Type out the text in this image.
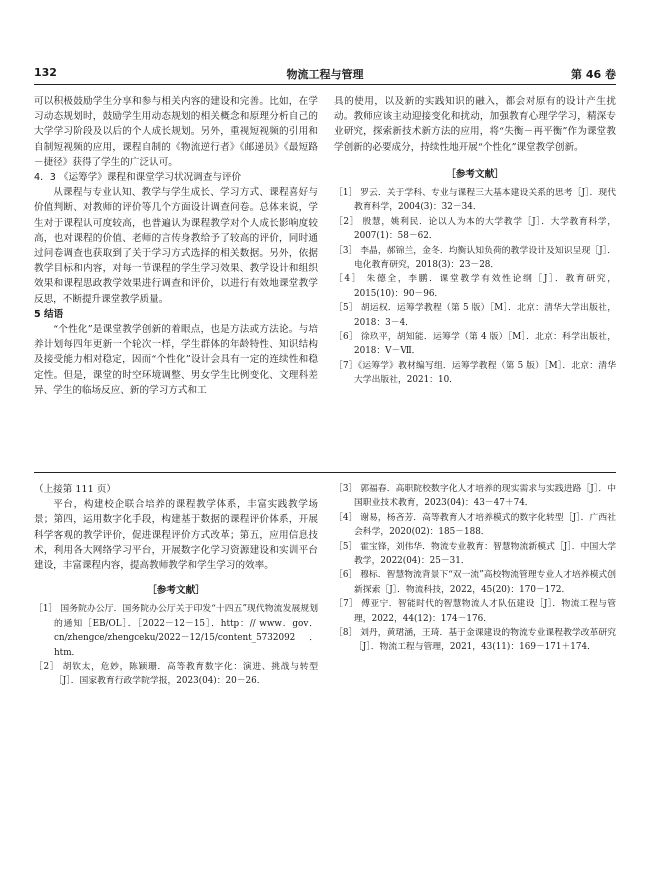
132	物流工程与管理	第 46 卷

可以积极鼓励学生分享和参与相关内容的建设和完善。比如，在学习动态规划时，鼓励学生用动态规划的相关概念和原理分析自己的大学学习阶段及以后的个人成长规划。另外，重视短视频的引用和自制短视频的应用，课程自制的《物流逆行者》《邮递员》《最短路－捷径》获得了学生的广泛认可。

4．3 《运筹学》课程和课堂学习状况调查与评价

从课程与专业认知、教学与学生成长、学习方式、课程喜好与价值判断、对教师的评价等几个方面设计调查问卷。总体来说，学生对于课程认可度较高，也普遍认为课程教学对个人成长影响度较高，也对课程的价值、老师的言传身教给予了较高的评价，同时通过问卷调查也获取到了关于学习方式选择的相关数据。另外，依据教学目标和内容，对每一节课程的学生学习效果、教学设计和组织效果和课程思政教学效果进行调查和评价，以进行有效地课堂教学反思，不断提升课堂教学质量。

5 结语

“个性化”是课堂教学创新的着眼点，也是方法或方法论。与培养计划每四年更新一个轮次一样，学生群体的年龄特性、知识结构及接受能力相对稳定，因而“个性化”设计会具有一定的连续性和稳定性。但是，课堂的时空环境调整、男女学生比例变化、文理科差异、学生的临场反应、新的学习方式和工

具的使用，以及新的实践知识的融入，都会对原有的设计产生扰动。教师应该主动迎接变化和扰动，加强教育心理学学习，精深专业研究，探索新技术新方法的应用，将“失衡－再平衡”作为课堂教学创新的必要成分，持续性地开展“个性化”课堂教学创新。

［参考文献］

［1］ 罗云．关于学科、专业与课程三大基本建设关系的思考［J］．现代教育科学，2004(3)：32－34．

［2］ 殷慧，姚利民．论以人为本的大学教学［J］．大学教育科学，2007(1)：58－62．

［3］ 李晶，郝锦兰，金冬．均衡认知负荷的教学设计及知识呈现［J］．电化教育研究，2018(3)：23－28．

［4］ 朱德全，李鹏．课堂教学有效性论纲［J］．教育研究，2015(10)：90－96．

［5］ 胡运权．运筹学教程（第 5 版）［M］．北京：清华大学出版社，2018：3－4．

［6］ 徐玖平，胡知能．运筹学（第 4 版）［M］．北京：科学出版社，2018：Ⅴ－Ⅶ．

［7］《运筹学》教材编写组．运筹学教程（第 5 版）［M］．北京：清华大学出版社，2021：10．

（上接第 111 页）

平台，构建校企联合培养的课程教学体系，丰富实践教学场景；第四，运用数字化手段，构建基于数据的课程评价体系，开展科学客观的教学评价，促进课程评价方式改革；第五，应用信息技术，利用各大网络学习平台，开展数字化学习资源建设和实训平台建设，丰富课程内容，提高教师教学和学生学习的效率。

［参考文献］

［1］ 国务院办公厅．国务院办公厅关于印发“十四五”现代物流发展规划的通知［EB/OL］．［2022－12－15］．http：// www．gov．cn/zhengce/zhengceku/2022－12/15/content_5732092．htm．

［2］ 胡钦太，危妙，陈颖珊．高等教育数字化：演进、挑战与转型［J］．国家教育行政学院学报，2023(04)：20－26．

［3］ 郭福春．高职院校数字化人才培养的现实需求与实践进路［J］．中国职业技术教育，2023(04)：43－47＋74．

［4］ 谢易，杨吝芳．高等教育人才培养模式的数字化转型［J］．广西社会科学，2020(02)：185－188．

［5］ 霍宝锋，刘伟华．物流专业教育：智慧物流新模式［J］．中国大学教学，2022(04)：25－31．

［6］ 穆标．智慧物流背景下“双一流”高校物流管理专业人才培养模式创新探索［J］．物流科技，2022，45(20)：170－172．

［7］ 傅亚宁．智能时代的智慧物流人才队伍建设［J］．物流工程与管理，2022，44(12)：174－176．

［8］ 刘丹，黄珺涵，王琦．基于金课建设的物流专业课程教学改革研究［J］．物流工程与管理，2021，43(11)：169－171＋174．
